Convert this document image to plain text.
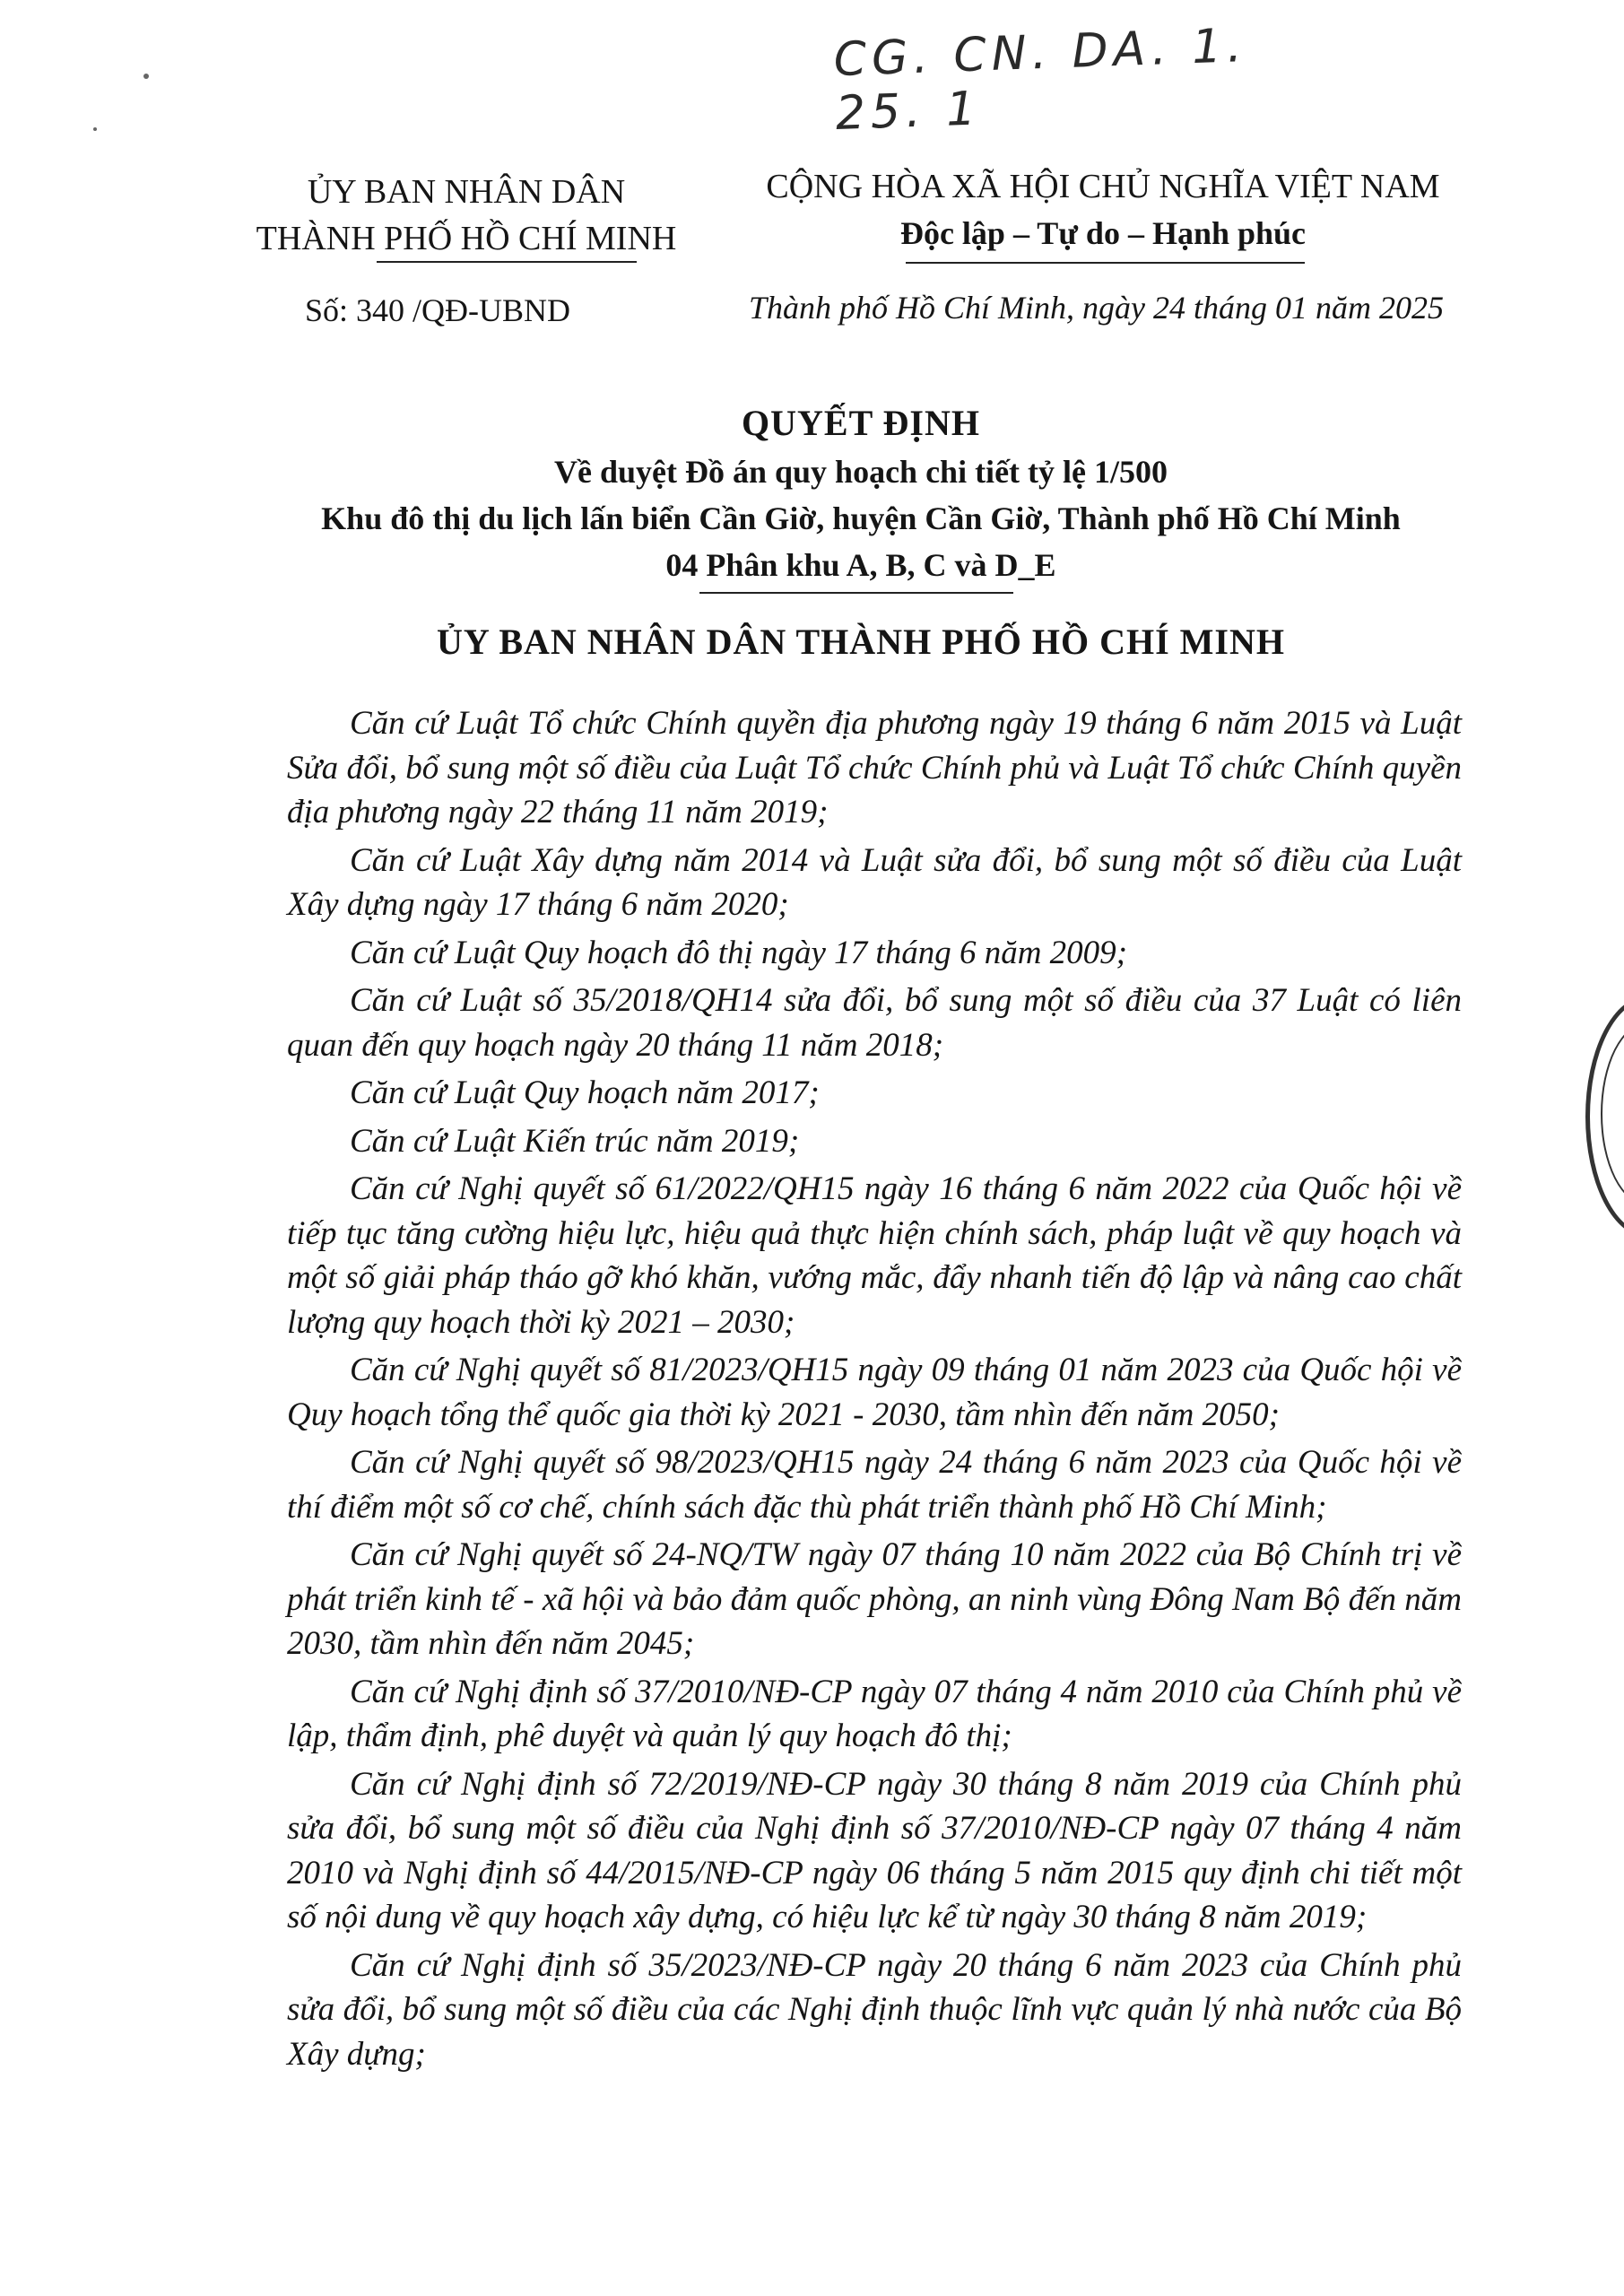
CG. CN. DA. 1. 25. 1
ỦY BAN NHÂN DÂN
THÀNH PHỐ HỒ CHÍ MINH
CỘNG HÒA XÃ HỘI CHỦ NGHĨA VIỆT NAM
Độc lập – Tự do – Hạnh phúc
Số: 340 /QĐ-UBND	Thành phố Hồ Chí Minh, ngày 24 tháng 01 năm 2025
QUYẾT ĐỊNH
Về duyệt Đồ án quy hoạch chi tiết tỷ lệ 1/500
Khu đô thị du lịch lấn biển Cần Giờ, huyện Cần Giờ, Thành phố Hồ Chí Minh
04 Phân khu A, B, C và D_E
ỦY BAN NHÂN DÂN THÀNH PHỐ HỒ CHÍ MINH

Căn cứ Luật Tổ chức Chính quyền địa phương ngày 19 tháng 6 năm 2015 và Luật Sửa đổi, bổ sung một số điều của Luật Tổ chức Chính phủ và Luật Tổ chức Chính quyền địa phương ngày 22 tháng 11 năm 2019;

Căn cứ Luật Xây dựng năm 2014 và Luật sửa đổi, bổ sung một số điều của Luật Xây dựng ngày 17 tháng 6 năm 2020;

Căn cứ Luật Quy hoạch đô thị ngày 17 tháng 6 năm 2009;

Căn cứ Luật số 35/2018/QH14 sửa đổi, bổ sung một số điều của 37 Luật có liên quan đến quy hoạch ngày 20 tháng 11 năm 2018;

Căn cứ Luật Quy hoạch năm 2017;

Căn cứ Luật Kiến trúc năm 2019;

Căn cứ Nghị quyết số 61/2022/QH15 ngày 16 tháng 6 năm 2022 của Quốc hội về tiếp tục tăng cường hiệu lực, hiệu quả thực hiện chính sách, pháp luật về quy hoạch và một số giải pháp tháo gỡ khó khăn, vướng mắc, đẩy nhanh tiến độ lập và nâng cao chất lượng quy hoạch thời kỳ 2021 – 2030;

Căn cứ Nghị quyết số 81/2023/QH15 ngày 09 tháng 01 năm 2023 của Quốc hội về Quy hoạch tổng thể quốc gia thời kỳ 2021 - 2030, tầm nhìn đến năm 2050;

Căn cứ Nghị quyết số 98/2023/QH15 ngày 24 tháng 6 năm 2023 của Quốc hội về thí điểm một số cơ chế, chính sách đặc thù phát triển thành phố Hồ Chí Minh;

Căn cứ Nghị quyết số 24-NQ/TW ngày 07 tháng 10 năm 2022 của Bộ Chính trị về phát triển kinh tế - xã hội và bảo đảm quốc phòng, an ninh vùng Đông Nam Bộ đến năm 2030, tầm nhìn đến năm 2045;

Căn cứ Nghị định số 37/2010/NĐ-CP ngày 07 tháng 4 năm 2010 của Chính phủ về lập, thẩm định, phê duyệt và quản lý quy hoạch đô thị;

Căn cứ Nghị định số 72/2019/NĐ-CP ngày 30 tháng 8 năm 2019 của Chính phủ sửa đổi, bổ sung một số điều của Nghị định số 37/2010/NĐ-CP ngày 07 tháng 4 năm 2010 và Nghị định số 44/2015/NĐ-CP ngày 06 tháng 5 năm 2015 quy định chi tiết một số nội dung về quy hoạch xây dựng, có hiệu lực kể từ ngày 30 tháng 8 năm 2019;

Căn cứ Nghị định số 35/2023/NĐ-CP ngày 20 tháng 6 năm 2023 của Chính phủ sửa đổi, bổ sung một số điều của các Nghị định thuộc lĩnh vực quản lý nhà nước của Bộ Xây dựng;
